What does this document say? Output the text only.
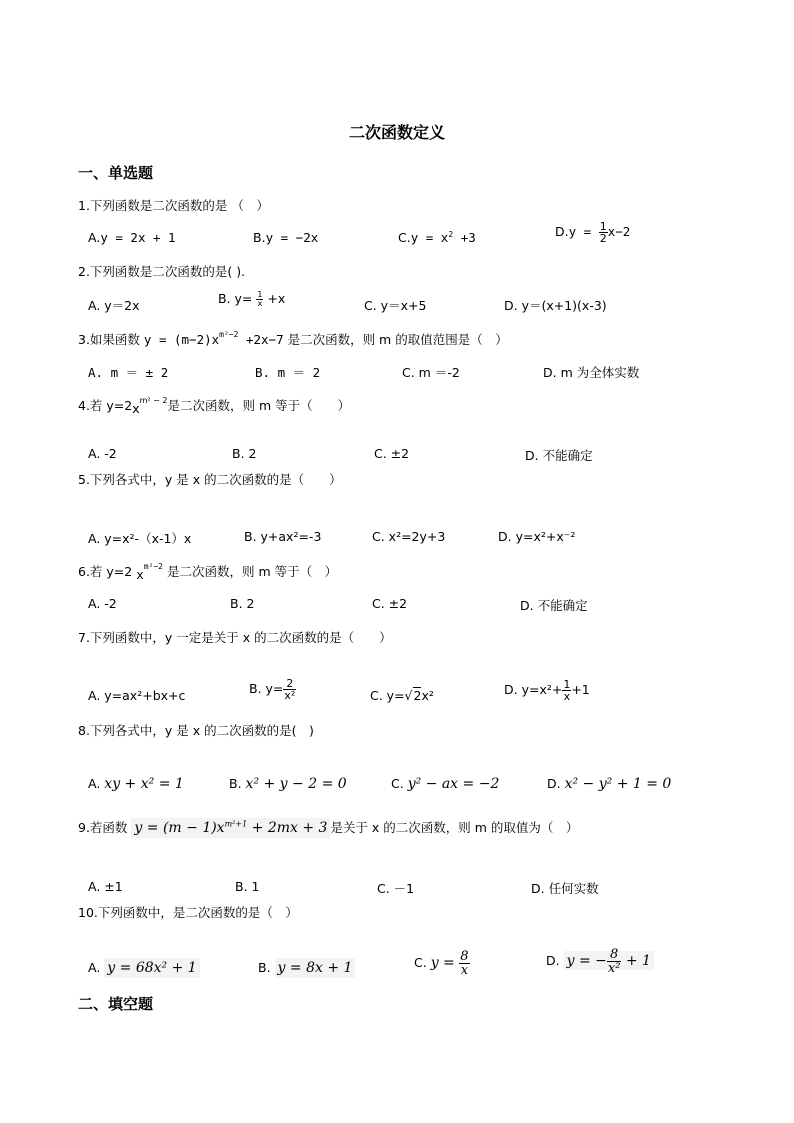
二次函数定义
一、单选题
1.下列函数是二次函数的是 （　）
A.y = 2x + 1	B.y = −2x	$C.y = x^2 +3$	$D.y = \frac{1}{2} x-2$
2.下列函数是二次函数的是( ).
A. y＝2x	B. $y= \frac{1}{x} +x$	C. y＝x+5	D. y＝(x+1)(x-3)
3.如果函数 $y = (m-2)x^{m^2-2} +2x-7$ 是二次函数，则 m 的取值范围是（　）
A. m ＝ ± 2	B. m ＝ 2	C. m ＝-2	D. m 为全体实数
4.若 $y=2x^{m^2 - 2}$是二次函数，则 m 等于（　　）
A. -2	B. 2	C. ±2	D. 不能确定
5.下列各式中，y 是 x 的二次函数的是（　　）
A. y=x²-（x-1）x	B. y+ax²=-3	C. x²=2y+3	D. y=x²+x⁻²
6.若 y=2 $x^{m^2-2}$ 是二次函数，则 m 等于（　）
A. -2	B. 2	C. ±2	D. 不能确定
7.下列函数中，y 一定是关于 x 的二次函数的是（　　）
A. y=ax²+bx+c	B. $y= \frac{2}{\text{x²}}$	C. y=√2x²	D. $y=x^2+ \frac{1}{x} +1$
8.下列各式中，y 是 x 的二次函数的是(　)
A. xy + x² = 1	B. x² + y − 2 = 0	C. y² − ax = −2	D. x² − y² + 1 = 0
9.若函数 $y = (m - 1)x^{m^2+1} + 2mx + 3$ 是关于 x 的二次函数，则 m 的取值为（　）
A. ±1	B. 1	C. －1	D. 任何实数
10.下列函数中，是二次函数的是（　）
A. y = 68x² + 1	B. y = 8x + 1	C. $y = \frac{8}{x}$	D. y = − $\frac{8}{\text{x²}} + 1$
二、填空题
